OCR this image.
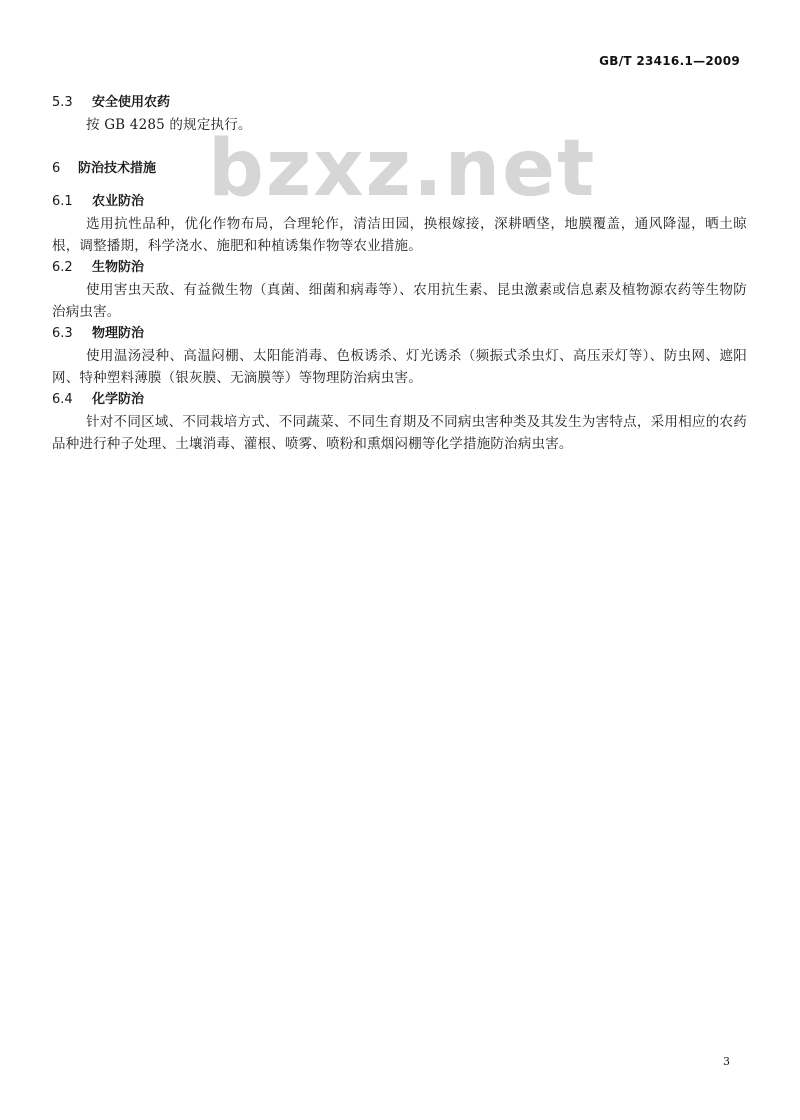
GB/T 23416.1—2009
bzxz.net
5.3	安全使用农药
按 GB 4285 的规定执行。
6	防治技术措施
6.1	农业防治
选用抗性品种，优化作物布局，合理轮作，清洁田园，换根嫁接，深耕晒垡，地膜覆盖，通风降湿，晒土晾根，调整播期，科学浇水、施肥和种植诱集作物等农业措施。
6.2	生物防治
使用害虫天敌、有益微生物（真菌、细菌和病毒等）、农用抗生素、昆虫激素或信息素及植物源农药等生物防治病虫害。
6.3	物理防治
使用温汤浸种、高温闷棚、太阳能消毒、色板诱杀、灯光诱杀（频振式杀虫灯、高压汞灯等）、防虫网、遮阳网、特种塑料薄膜（银灰膜、无滴膜等）等物理防治病虫害。
6.4	化学防治
针对不同区域、不同栽培方式、不同蔬菜、不同生育期及不同病虫害种类及其发生为害特点，采用相应的农药品种进行种子处理、土壤消毒、灌根、喷雾、喷粉和熏烟闷棚等化学措施防治病虫害。
3
